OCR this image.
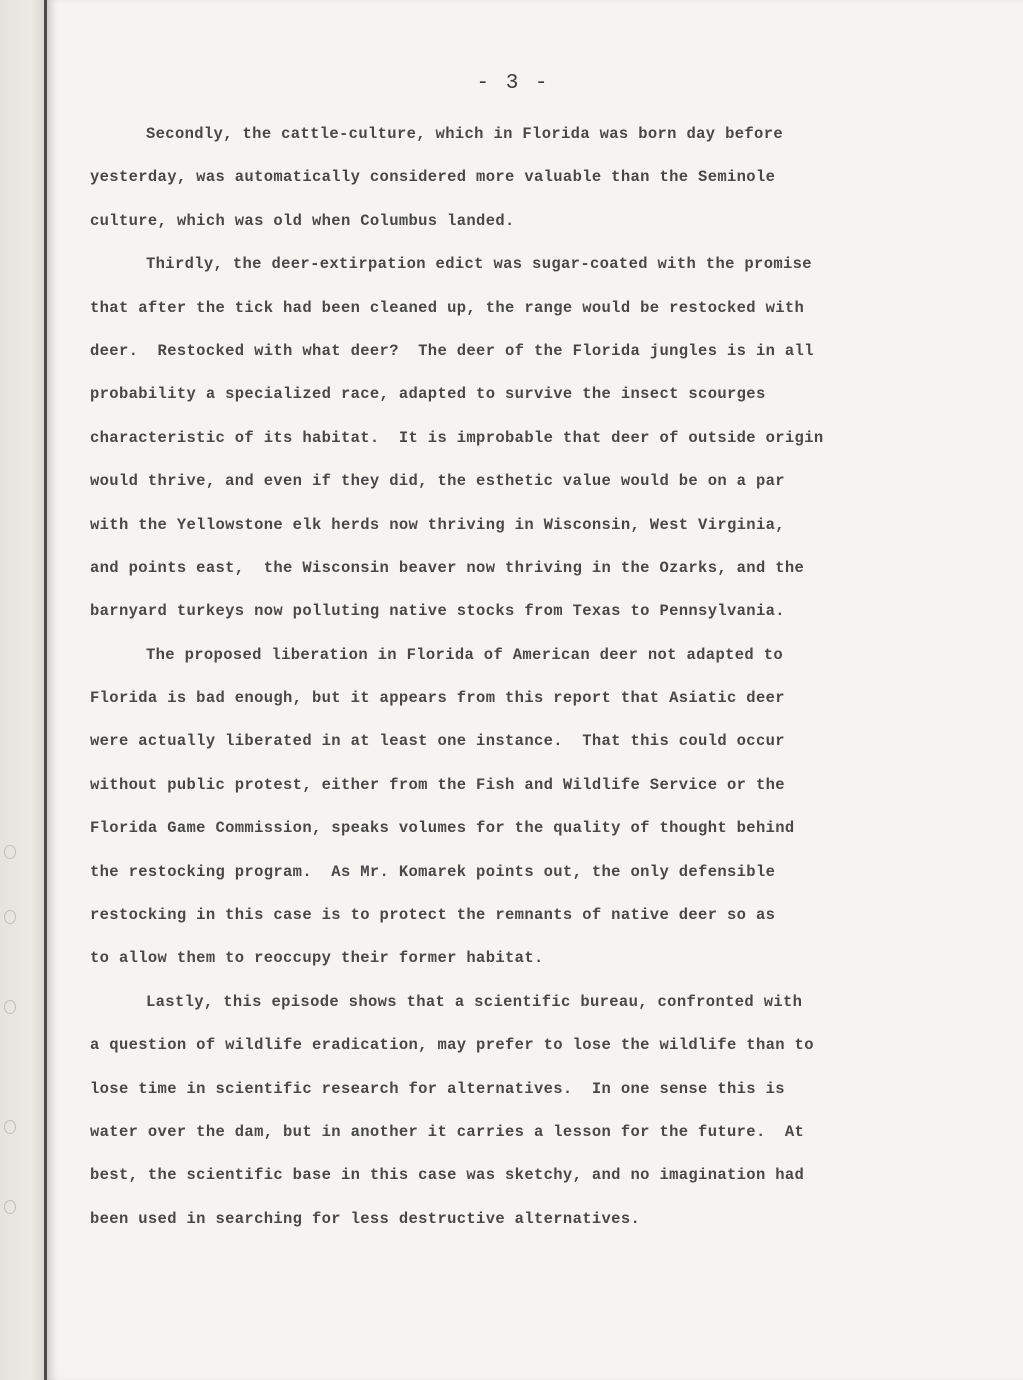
- 3 -
Secondly, the cattle-culture, which in Florida was born day before
yesterday, was automatically considered more valuable than the Seminole
culture, which was old when Columbus landed.
Thirdly, the deer-extirpation edict was sugar-coated with the promise
that after the tick had been cleaned up, the range would be restocked with
deer.  Restocked with what deer?  The deer of the Florida jungles is in all
probability a specialized race, adapted to survive the insect scourges
characteristic of its habitat.  It is improbable that deer of outside origin
would thrive, and even if they did, the esthetic value would be on a par
with the Yellowstone elk herds now thriving in Wisconsin, West Virginia,
and points east,  the Wisconsin beaver now thriving in the Ozarks, and the
barnyard turkeys now polluting native stocks from Texas to Pennsylvania.
The proposed liberation in Florida of American deer not adapted to
Florida is bad enough, but it appears from this report that Asiatic deer
were actually liberated in at least one instance.  That this could occur
without public protest, either from the Fish and Wildlife Service or the
Florida Game Commission, speaks volumes for the quality of thought behind
the restocking program.  As Mr. Komarek points out, the only defensible
restocking in this case is to protect the remnants of native deer so as
to allow them to reoccupy their former habitat.
Lastly, this episode shows that a scientific bureau, confronted with
a question of wildlife eradication, may prefer to lose the wildlife than to
lose time in scientific research for alternatives.  In one sense this is
water over the dam, but in another it carries a lesson for the future.  At
best, the scientific base in this case was sketchy, and no imagination had
been used in searching for less destructive alternatives.
